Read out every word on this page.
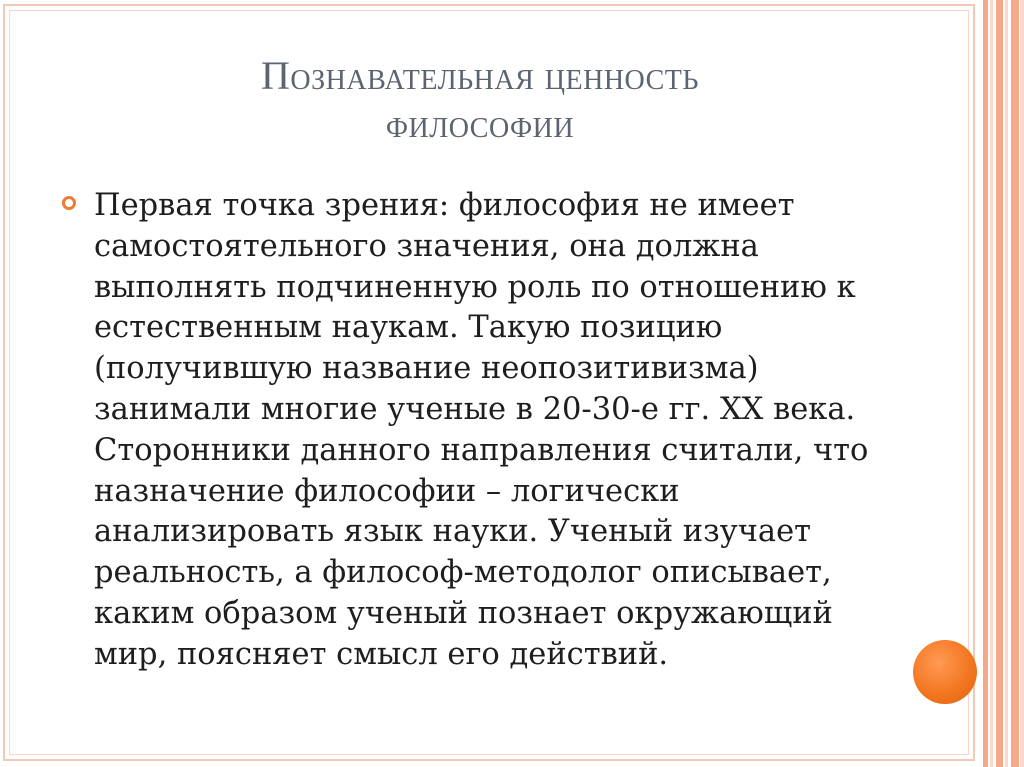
Познавательная ценность
философии
Первая точка зрения: философия не имеет
самостоятельного значения, она должна
выполнять подчиненную роль по отношению к
естественным наукам. Такую позицию
(получившую название неопозитивизма)
занимали многие ученые в 20-30-е гг. XX века.
Сторонники данного направления считали, что
назначение философии – логически
анализировать язык науки. Ученый изучает
реальность, а философ-методолог описывает,
каким образом ученый познает окружающий
мир, поясняет смысл его действий.
